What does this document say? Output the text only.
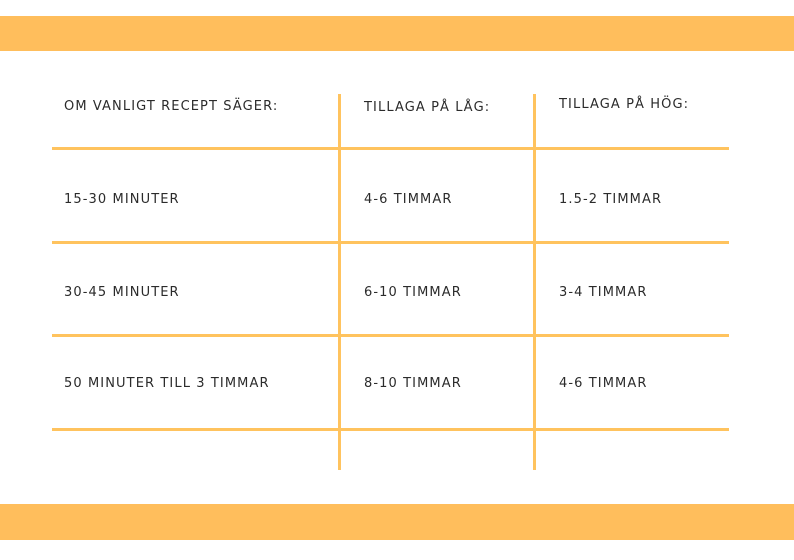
OM VANLIGT RECEPT SÄGER:	TILLAGA PÅ LÅG:	TILLAGA PÅ HÖG:
15-30 MINUTER	4-6 TIMMAR	1.5-2 TIMMAR
30-45 MINUTER	6-10 TIMMAR	3-4 TIMMAR
50 MINUTER TILL 3 TIMMAR	8-10 TIMMAR	4-6 TIMMAR
